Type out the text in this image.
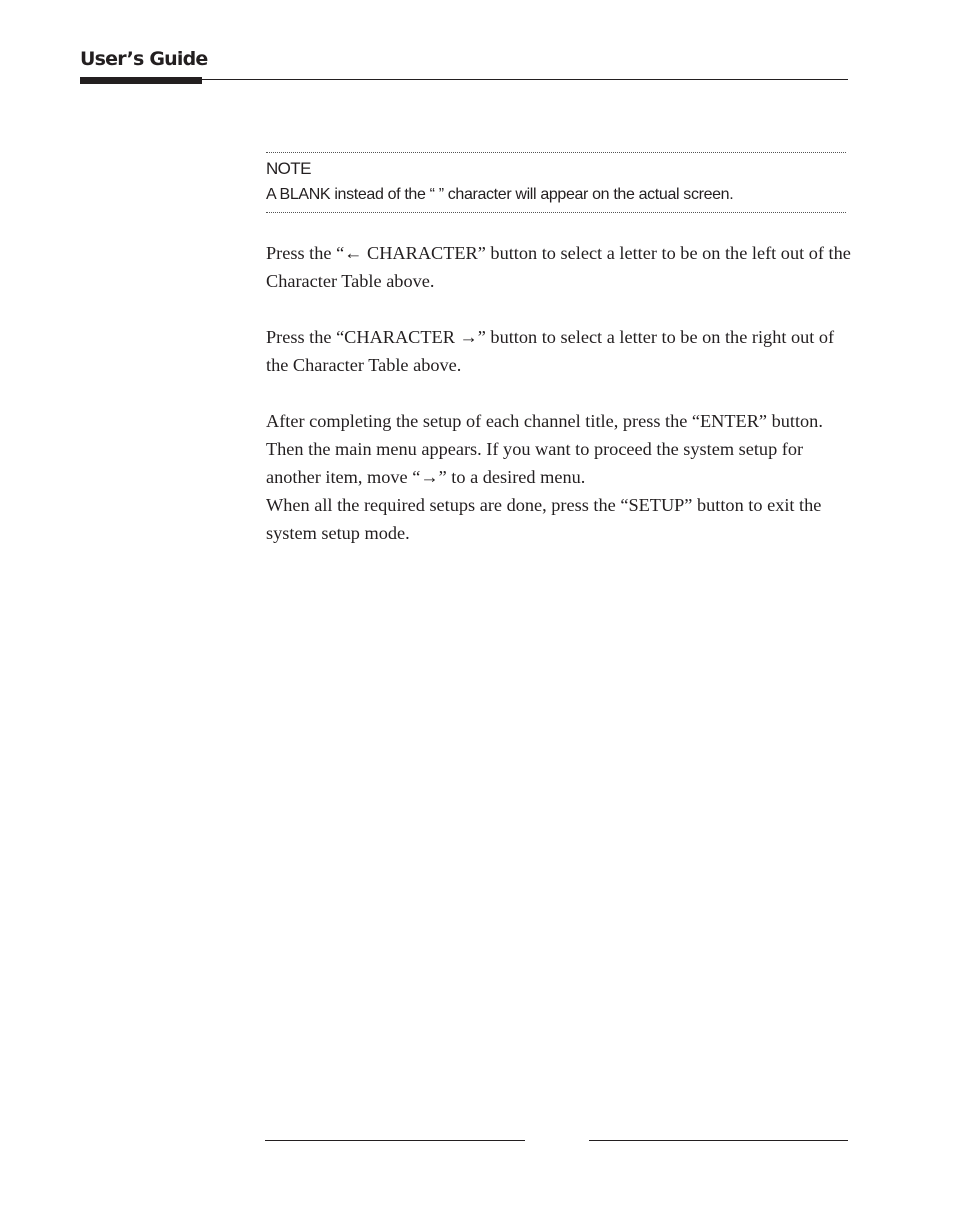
User’s Guide
NOTE
A BLANK instead of the “ ” character will appear on the actual screen.

Press the “← CHARACTER” button to select a letter to be on the left out of the Character Table above.

Press the “CHARACTER →” button to select a letter to be on the right out of the Character Table above.

After completing the setup of each channel title, press the “ENTER” button. Then the main menu appears. If you want to proceed the system setup for another item, move “→” to a desired menu.

When all the required setups are done, press the “SETUP” button to exit the system setup mode.
